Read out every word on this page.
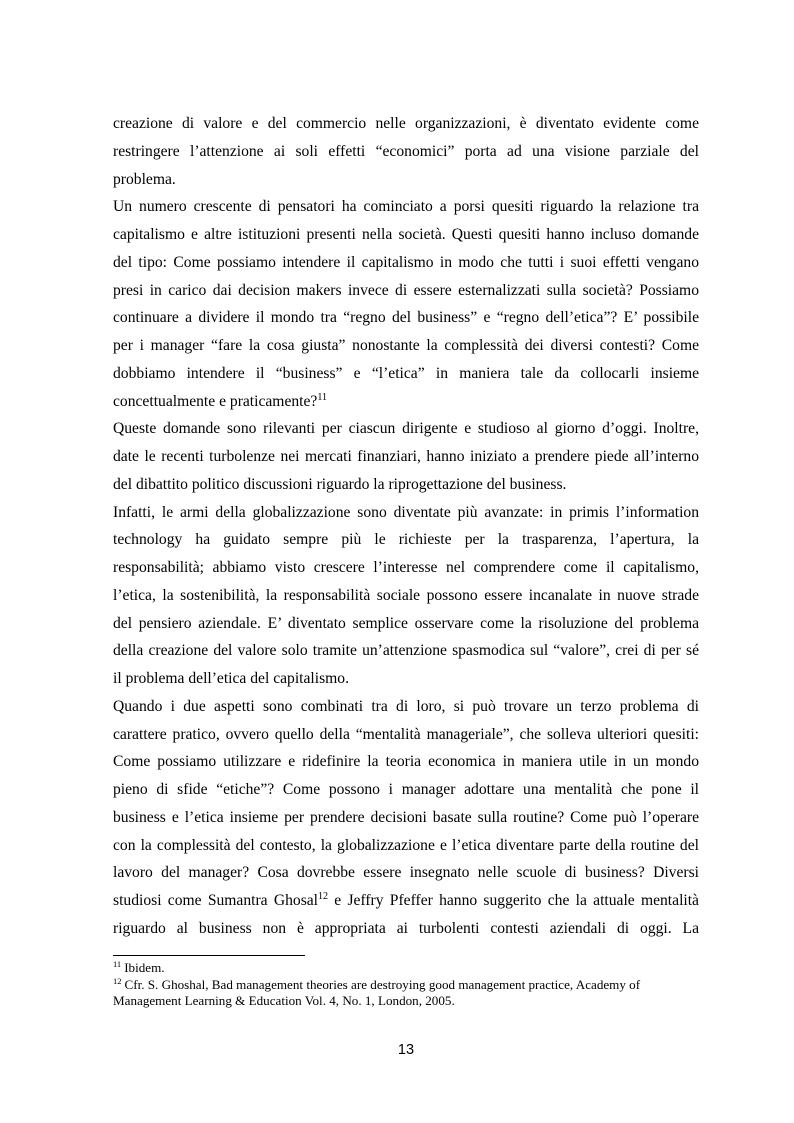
creazione di valore e del commercio nelle organizzazioni, è diventato evidente come
restringere l’attenzione ai soli effetti “economici” porta ad una visione parziale del
problema.
Un numero crescente di pensatori ha cominciato a porsi quesiti riguardo la relazione tra
capitalismo e altre istituzioni presenti nella società. Questi quesiti hanno incluso domande
del tipo: Come possiamo intendere il capitalismo in modo che tutti i suoi effetti vengano
presi in carico dai decision makers invece di essere esternalizzati sulla società? Possiamo
continuare a dividere il mondo tra “regno del business” e “regno dell’etica”? E’ possibile
per i manager “fare la cosa giusta” nonostante la complessità dei diversi contesti? Come
dobbiamo intendere il “business” e “l’etica” in maniera tale da collocarli insieme
concettualmente e praticamente?$^{11}$
Queste domande sono rilevanti per ciascun dirigente e studioso al giorno d’oggi. Inoltre,
date le recenti turbolenze nei mercati finanziari, hanno iniziato a prendere piede all’interno
del dibattito politico discussioni riguardo la riprogettazione del business.
Infatti, le armi della globalizzazione sono diventate più avanzate: in primis l’information
technology ha guidato sempre più le richieste per la trasparenza, l’apertura, la
responsabilità; abbiamo visto crescere l’interesse nel comprendere come il capitalismo,
l’etica, la sostenibilità, la responsabilità sociale possono essere incanalate in nuove strade
del pensiero aziendale. E’ diventato semplice osservare come la risoluzione del problema
della creazione del valore solo tramite un’attenzione spasmodica sul “valore”, crei di per sé
il problema dell’etica del capitalismo.
Quando i due aspetti sono combinati tra di loro, si può trovare un terzo problema di
carattere pratico, ovvero quello della “mentalità manageriale”, che solleva ulteriori quesiti:
Come possiamo utilizzare e ridefinire la teoria economica in maniera utile in un mondo
pieno di sfide “etiche”? Come possono i manager adottare una mentalità che pone il
business e l’etica insieme per prendere decisioni basate sulla routine? Come può l’operare
con la complessità del contesto, la globalizzazione e l’etica diventare parte della routine del
lavoro del manager? Cosa dovrebbe essere insegnato nelle scuole di business? Diversi
studiosi come Sumantra Ghosal$^{12}$ e Jeffry Pfeffer hanno suggerito che la attuale mentalità
riguardo al business non è appropriata ai turbolenti contesti aziendali di oggi. La
$^{11}$ Ibidem.
$^{12}$ Cfr. S. Ghoshal, Bad management theories are destroying good management practice, Academy of
Management Learning & Education Vol. 4, No. 1, London, 2005.
13
